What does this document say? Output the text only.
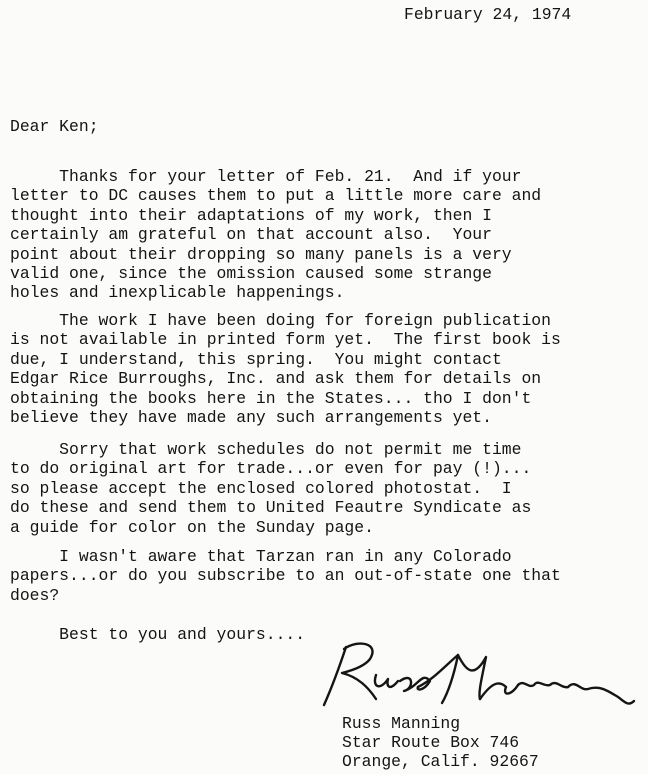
February 24, 1974
Dear Ken;
Thanks for your letter of Feb. 21.  And if your
letter to DC causes them to put a little more care and
thought into their adaptations of my work, then I
certainly am grateful on that account also.  Your
point about their dropping so many panels is a very
valid one, since the omission caused some strange
holes and inexplicable happenings.
The work I have been doing for foreign publication
is not available in printed form yet.  The first book is
due, I understand, this spring.  You might contact
Edgar Rice Burroughs, Inc. and ask them for details on
obtaining the books here in the States... tho I don't
believe they have made any such arrangements yet.
Sorry that work schedules do not permit me time
to do original art for trade...or even for pay (!)...
so please accept the enclosed colored photostat.  I
do these and send them to United Feautre Syndicate as
a guide for color on the Sunday page.
I wasn't aware that Tarzan ran in any Colorado
papers...or do you subscribe to an out-of-state one that
does?
Best to you and yours....
Russ Manning
Star Route Box 746
Orange, Calif. 92667
